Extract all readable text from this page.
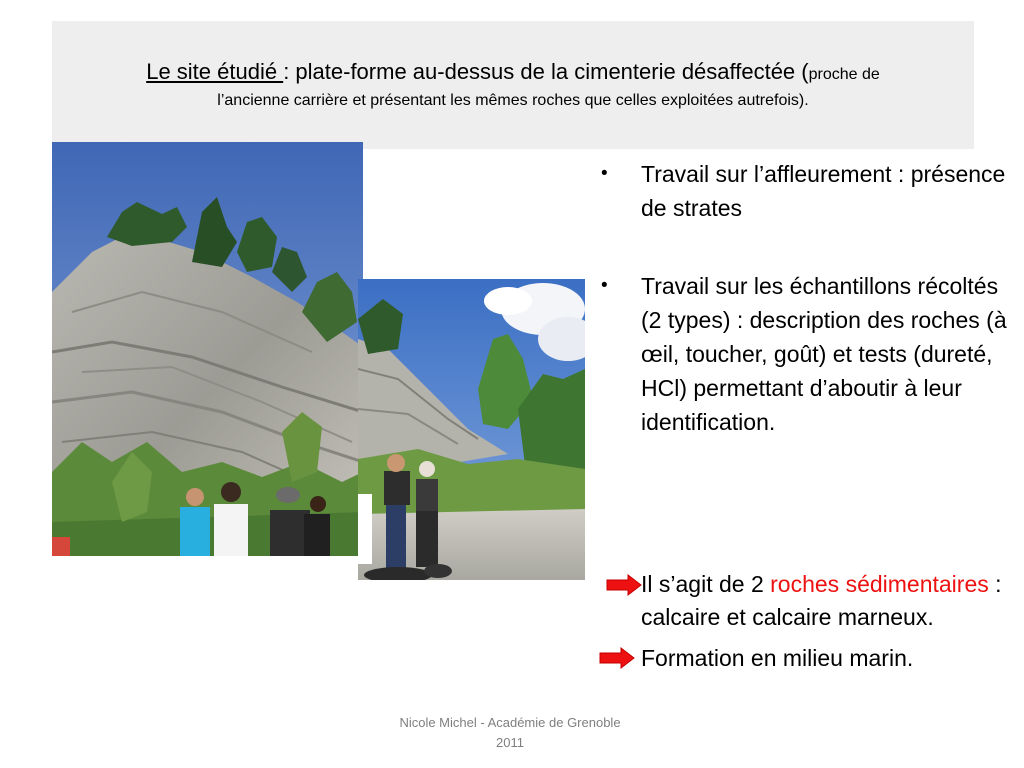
Le site étudié : plate-forme au-dessus de la cimenterie désaffectée (proche de
l’ancienne carrière et présentant les mêmes roches que celles exploitées autrefois).
• Travail sur l’affleurement : présence de strates
• Travail sur les échantillons récoltés (2 types) : description des roches (à œil, toucher, goût) et tests (dureté, HCl) permettant d’aboutir à leur identification.
Il s’agit de 2 roches sédimentaires : calcaire et calcaire marneux.
Formation en milieu marin.
Nicole Michel - Académie de Grenoble
2011
